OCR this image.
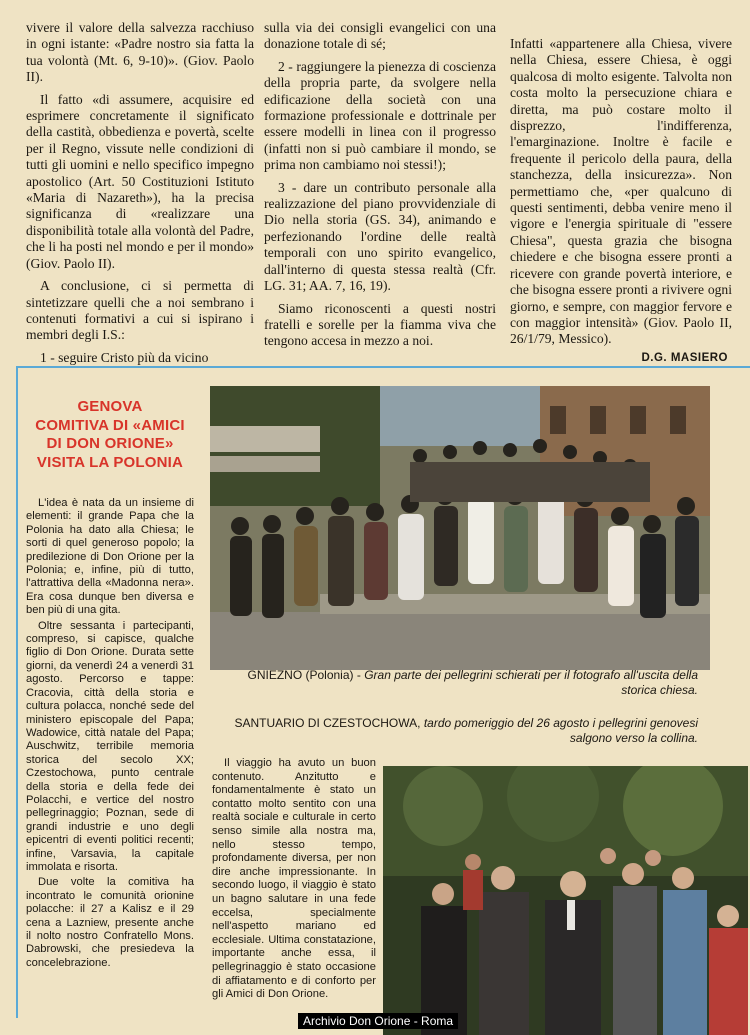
vivere il valore della salvezza racchiuso in ogni istante: «Padre nostro sia fatta la tua volontà (Mt. 6, 9-10)». (Giov. Paolo II).

Il fatto «di assumere, acquisire ed esprimere concretamente il significato della castità, obbedienza e povertà, scelte per il Regno, vissute nelle condizioni di tutti gli uomini e nello specifico impegno apostolico (Art. 50 Costituzioni Istituto «Maria di Nazareth»), ha la precisa significanza di «realizzare una disponibilità totale alla volontà del Padre, che li ha posti nel mondo e per il mondo» (Giov. Paolo II).

A conclusione, ci si permetta di sintetizzare quelli che a noi sembrano i contenuti formativi a cui si ispirano i membri degli I.S.:

1 - seguire Cristo più da vicino

sulla via dei consigli evangelici con una donazione totale di sé;

2 - raggiungere la pienezza di coscienza della propria parte, da svolgere nella edificazione della società con una formazione professionale e dottrinale per essere modelli in linea con il progresso (infatti non si può cambiare il mondo, se prima non cambiamo noi stessi!);

3 - dare un contributo personale alla realizzazione del piano provvidenziale di Dio nella storia (GS. 34), animando e perfezionando l'ordine delle realtà temporali con uno spirito evangelico, dall'interno di questa stessa realtà (Cfr. LG. 31; AA. 7, 16, 19).

Siamo riconoscenti a questi nostri fratelli e sorelle per la fiamma viva che tengono accesa in mezzo a noi.

Infatti «appartenere alla Chiesa, vivere nella Chiesa, essere Chiesa, è oggi qualcosa di molto esigente. Talvolta non costa molto la persecuzione chiara e diretta, ma può costare molto il disprezzo, l'indifferenza, l'emarginazione. Inoltre è facile e frequente il pericolo della paura, della stanchezza, della insicurezza». Non permettiamo che, «per qualcuno di questi sentimenti, debba venire meno il vigore e l'energia spirituale di "essere Chiesa", questa grazia che bisogna chiedere e che bisogna essere pronti a ricevere con grande povertà interiore, e che bisogna essere pronti a rivivere ogni giorno, e sempre, con maggior fervore e con maggior intensità» (Giov. Paolo II, 26/1/79, Messico).

D.G. MASIERO
GENOVA
COMITIVA DI «AMICI
DI DON ORIONE»
VISITA LA POLONIA

L'idea è nata da un insieme di elementi: il grande Papa che la Polonia ha dato alla Chiesa; le sorti di quel generoso popolo; la predilezione di Don Orione per la Polonia; e, infine, più di tutto, l'attrattiva della «Madonna nera». Era cosa dunque ben diversa e ben più di una gita.

Oltre sessanta i partecipanti, compreso, si capisce, qualche figlio di Don Orione. Durata sette giorni, da venerdì 24 a venerdì 31 agosto. Percorso e tappe: Cracovia, città della storia e cultura polacca, nonché sede del ministero episcopale del Papa; Wadowice, città natale del Papa; Auschwitz, terribile memoria storica del secolo XX; Czestochowa, punto centrale della storia e della fede dei Polacchi, e vertice del nostro pellegrinaggio; Poznan, sede di grandi industrie e uno degli epicentri di eventi politici recenti; infine, Varsavia, la capitale immolata e risorta.

Due volte la comitiva ha incontrato le comunità orionine polacche: il 27 a Kalisz e il 29 cena a Lazniew, presente anche il nolto nostro Confratello Mons. Dabrowski, che presiedeva la concelebrazione.

GNIEZNO (Polonia) - Gran parte dei pellegrini schierati per il fotografo all'uscita della storica chiesa.
SANTUARIO DI CZESTOCHOWA, tardo pomeriggio del 26 agosto i pellegrini genovesi salgono verso la collina.

Il viaggio ha avuto un buon contenuto. Anzitutto e fondamentalmente è stato un contatto molto sentito con una realtà sociale e culturale in certo senso simile alla nostra ma, nello stesso tempo, profondamente diversa, per non dire anche impressionante. In secondo luogo, il viaggio è stato un bagno salutare in una fede eccelsa, specialmente nell'aspetto mariano ed ecclesiale. Ultima constatazione, importante anche essa, il pellegrinaggio è stato occasione di affiatamento e di conforto per gli Amici di Don Orione.

Archivio Don Orione - Roma
